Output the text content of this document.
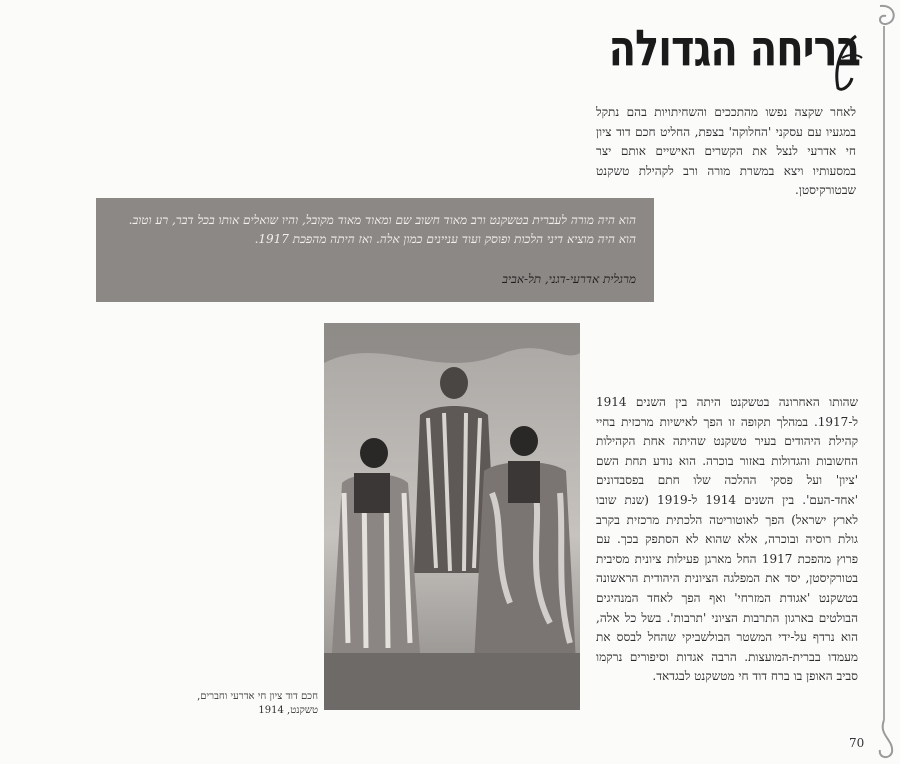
בריחה הגדולה
לאחר שקצה נפשו מהתככים והשחיתויות בהם נתקל במגעיו עם עסקני 'החלוקה' בצפת, החליט חכם דוד ציון חי אדרעי לנצל את הקשרים האישיים אותם יצר במסעותיו ויצא במשרת מורה ורב לקהילת טשקנט שבטורקיסטן.
הוא היה מורה לעברית בטשקנט ורב מאוד חשוב שם ומאוד מאוד מקובל, והיו שואלים אותו בכל דבר, רע וטוב. הוא היה מוציא דיני הלכות ופוסק ועוד עניינים כמון אלה. ואז היתה מהפכת 1917.
מרגלית אדרעי-דגני, תל-אביב
חכם דוד ציון חי אדרעי וחברים,
טשקנט, 1914
שהותו האחרונה בטשקנט היתה בין השנים 1914 ל-1917. במהלך תקופה זו הפך לאישיות מרכזית בחיי קהילת היהודים בעיר טשקנט שהיתה אחת הקהילות החשובות והגדולות באזור בוכרה. הוא נודע תחת השם 'ציון' ועל פסקי ההלכה שלו חתם בפסבדונים 'אחד-העם'. בין השנים 1914 ל-1919 (שנת שובו לארץ ישראל) הפך לאוטוריטה הלכתית מרכזית בקרב גולת רוסיה ובוכרה, אלא שהוא לא הסתפק בכך. עם פרוץ מהפכת 1917 החל מארגן פעילות ציונית מסיבית בטורקיסטן, יסד את המפלגה הציונית היהודית הראשונה בטשקנט 'אגודת המזרחי' ואף הפך לאחד המנהיגים הבולטים בארגון התרבות הציוני 'תרבות'. בשל כל אלה, הוא נרדף על-ידי המשטר הבולשביקי שהחל לבסס את מעמדו בברית-המועצות. הרבה אגדות וסיפורים נרקמו סביב האופן בו ברח דוד חי מטשקנט לבגדאד.
70
